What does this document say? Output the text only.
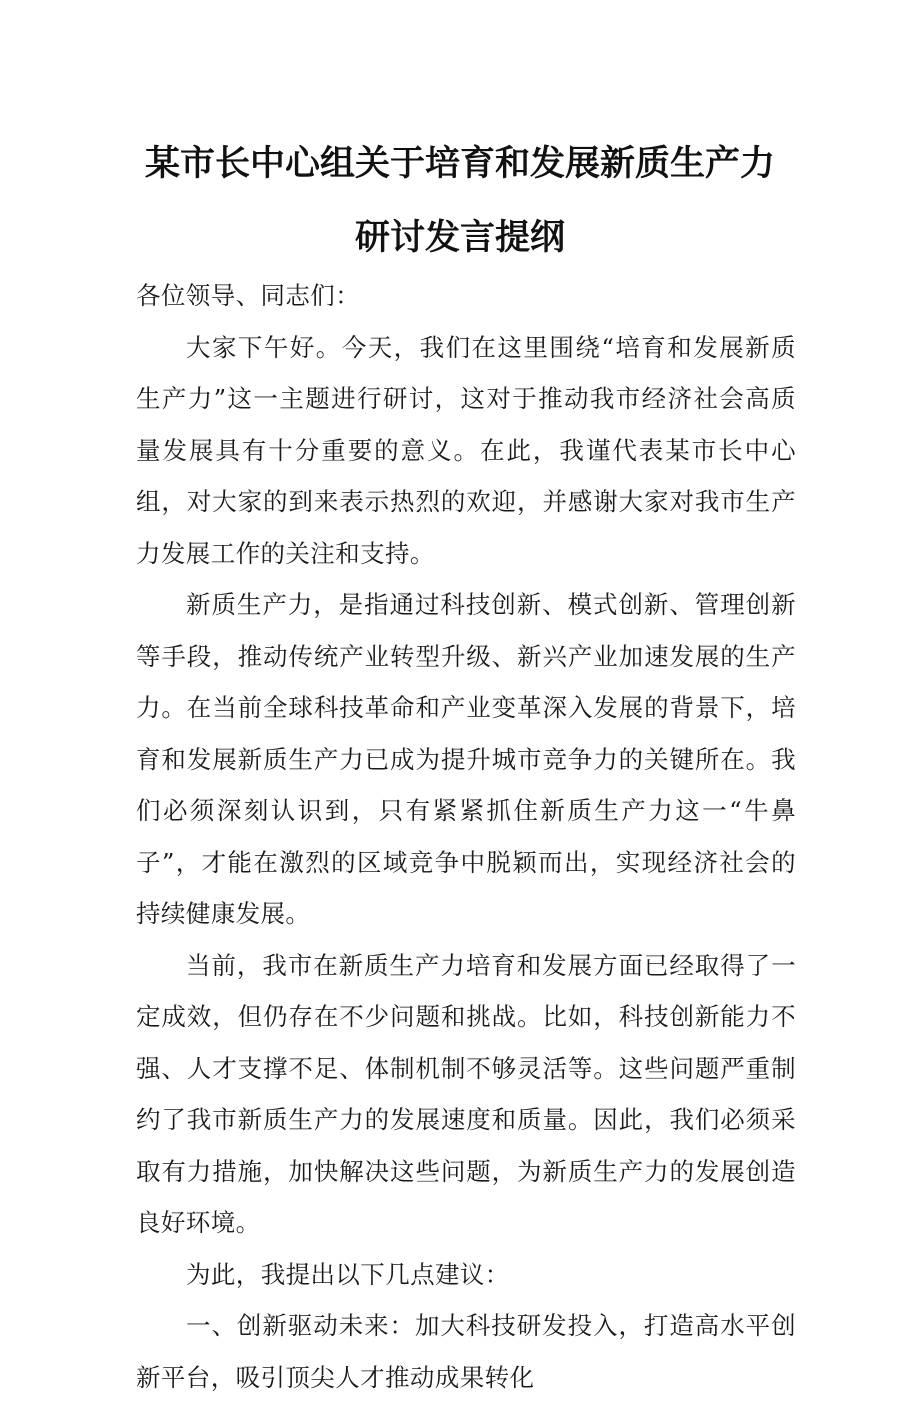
某市长中心组关于培育和发展新质生产力
研讨发言提纲

各位领导、同志们：

大家下午好。今天，我们在这里围绕“培育和发展新质生产力”这一主题进行研讨，这对于推动我市经济社会高质量发展具有十分重要的意义。在此，我谨代表某市长中心组，对大家的到来表示热烈的欢迎，并感谢大家对我市生产力发展工作的关注和支持。

新质生产力，是指通过科技创新、模式创新、管理创新等手段，推动传统产业转型升级、新兴产业加速发展的生产力。在当前全球科技革命和产业变革深入发展的背景下，培育和发展新质生产力已成为提升城市竞争力的关键所在。我们必须深刻认识到，只有紧紧抓住新质生产力这一“牛鼻子”，才能在激烈的区域竞争中脱颖而出，实现经济社会的持续健康发展。

当前，我市在新质生产力培育和发展方面已经取得了一定成效，但仍存在不少问题和挑战。比如，科技创新能力不强、人才支撑不足、体制机制不够灵活等。这些问题严重制约了我市新质生产力的发展速度和质量。因此，我们必须采取有力措施，加快解决这些问题，为新质生产力的发展创造良好环境。

为此，我提出以下几点建议：

一、创新驱动未来：加大科技研发投入，打造高水平创新平台，吸引顶尖人才推动成果转化
